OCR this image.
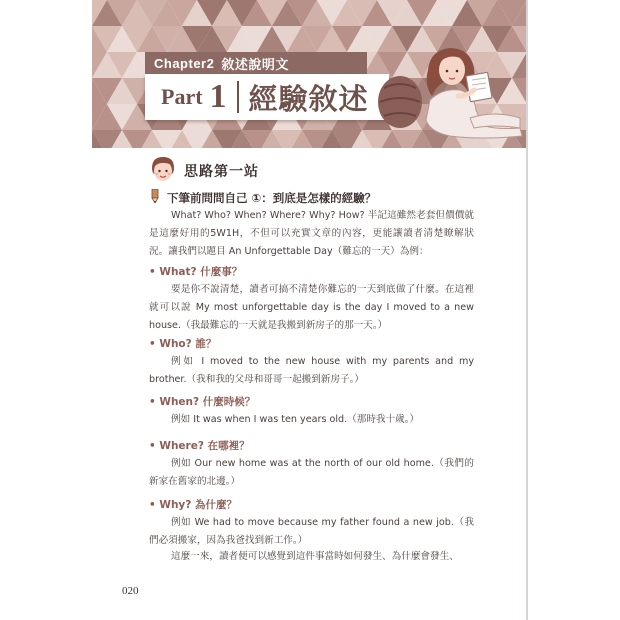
Chapter2 敘述說明文
Part 1 經驗敘述
思路第一站
下筆前問問自己 ①：到底是怎樣的經驗？

What? Who? When? Where? Why? How? 半記這雖然老套但價價就是這麼好用的5W1H，不但可以充實文章的內容，更能讓讀者清楚瞭解狀況。讓我們以題目 An Unforgettable Day（難忘的一天）為例：

• What? 什麼事？

要是你不說清楚，讀者可搞不清楚你難忘的一天到底做了什麼。在這裡就可以說 My most unforgettable day is the day I moved to a new house.（我最難忘的一天就是我搬到新房子的那一天。）

• Who? 誰？

例如 I moved to the new house with my parents and my brother.（我和我的父母和哥哥一起搬到新房子。）

• When? 什麼時候？

例如 It was when I was ten years old.（那時我十歲。）

• Where? 在哪裡？

例如 Our new home was at the north of our old home.（我們的新家在舊家的北邊。）

• Why? 為什麼？

例如 We had to move because my father found a new job.（我們必須搬家，因為我爸找到新工作。）

這麼一來，讀者便可以感覺到這件事當時如何發生、為什麼會發生、

020
